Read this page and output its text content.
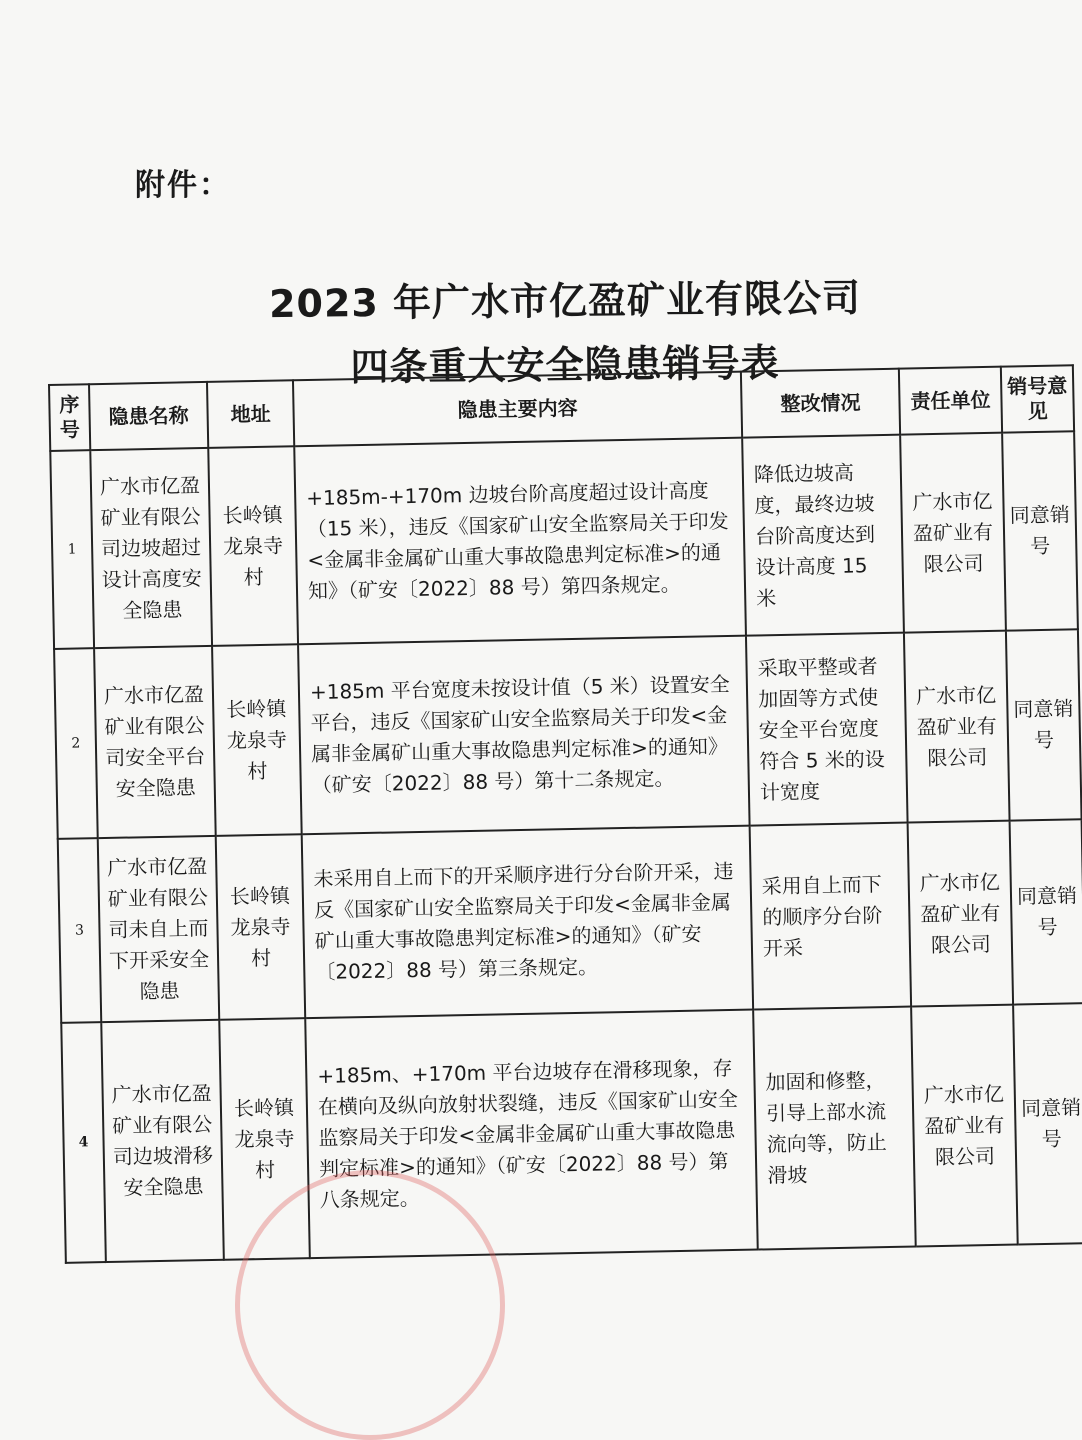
附件：
2023 年广水市亿盈矿业有限公司
四条重大安全隐患销号表
序号	隐患名称	地址	隐患主要内容	整改情况	责任单位	销号意见
1	广水市亿盈矿业有限公司边坡超过设计高度安全隐患	长岭镇龙泉寺村	+185m-+170m 边坡台阶高度超过设计高度（15 米），违反《国家矿山安全监察局关于印发<金属非金属矿山重大事故隐患判定标准>的通知》（矿安〔2022〕88 号）第四条规定。	降低边坡高度，最终边坡台阶高度达到设计高度 15 米	广水市亿盈矿业有限公司	同意销号
2	广水市亿盈矿业有限公司安全平台安全隐患	长岭镇龙泉寺村	+185m 平台宽度未按设计值（5 米）设置安全平台，违反《国家矿山安全监察局关于印发<金属非金属矿山重大事故隐患判定标准>的通知》（矿安〔2022〕88 号）第十二条规定。	采取平整或者加固等方式使安全平台宽度符合 5 米的设计宽度	广水市亿盈矿业有限公司	同意销号
3	广水市亿盈矿业有限公司未自上而下开采安全隐患	长岭镇龙泉寺村	未采用自上而下的开采顺序进行分台阶开采，违反《国家矿山安全监察局关于印发<金属非金属矿山重大事故隐患判定标准>的通知》（矿安〔2022〕88 号）第三条规定。	采用自上而下的顺序分台阶开采	广水市亿盈矿业有限公司	同意销号
4	广水市亿盈矿业有限公司边坡滑移安全隐患	长岭镇龙泉寺村	+185m、+170m 平台边坡存在滑移现象，存在横向及纵向放射状裂缝，违反《国家矿山安全监察局关于印发<金属非金属矿山重大事故隐患判定标准>的通知》（矿安〔2022〕88 号）第八条规定。	加固和修整，引导上部水流流向等，防止滑坡	广水市亿盈矿业有限公司	同意销号
